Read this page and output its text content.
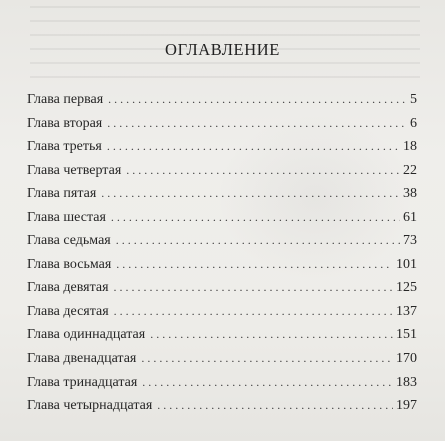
ОГЛАВЛЕНИЕ
Глава первая . . .	5
Глава вторая . . .	6
Глава третья . . .	18
Глава четвертая . . .	22
Глава пятая . . .	38
Глава шестая . . .	61
Глава седьмая . . .	73
Глава восьмая . . .	101
Глава девятая . . .	125
Глава десятая . . .	137
Глава одиннадцатая . . .	151
Глава двенадцатая . . .	170
Глава тринадцатая . . .	183
Глава четырнадцатая . . .	197
